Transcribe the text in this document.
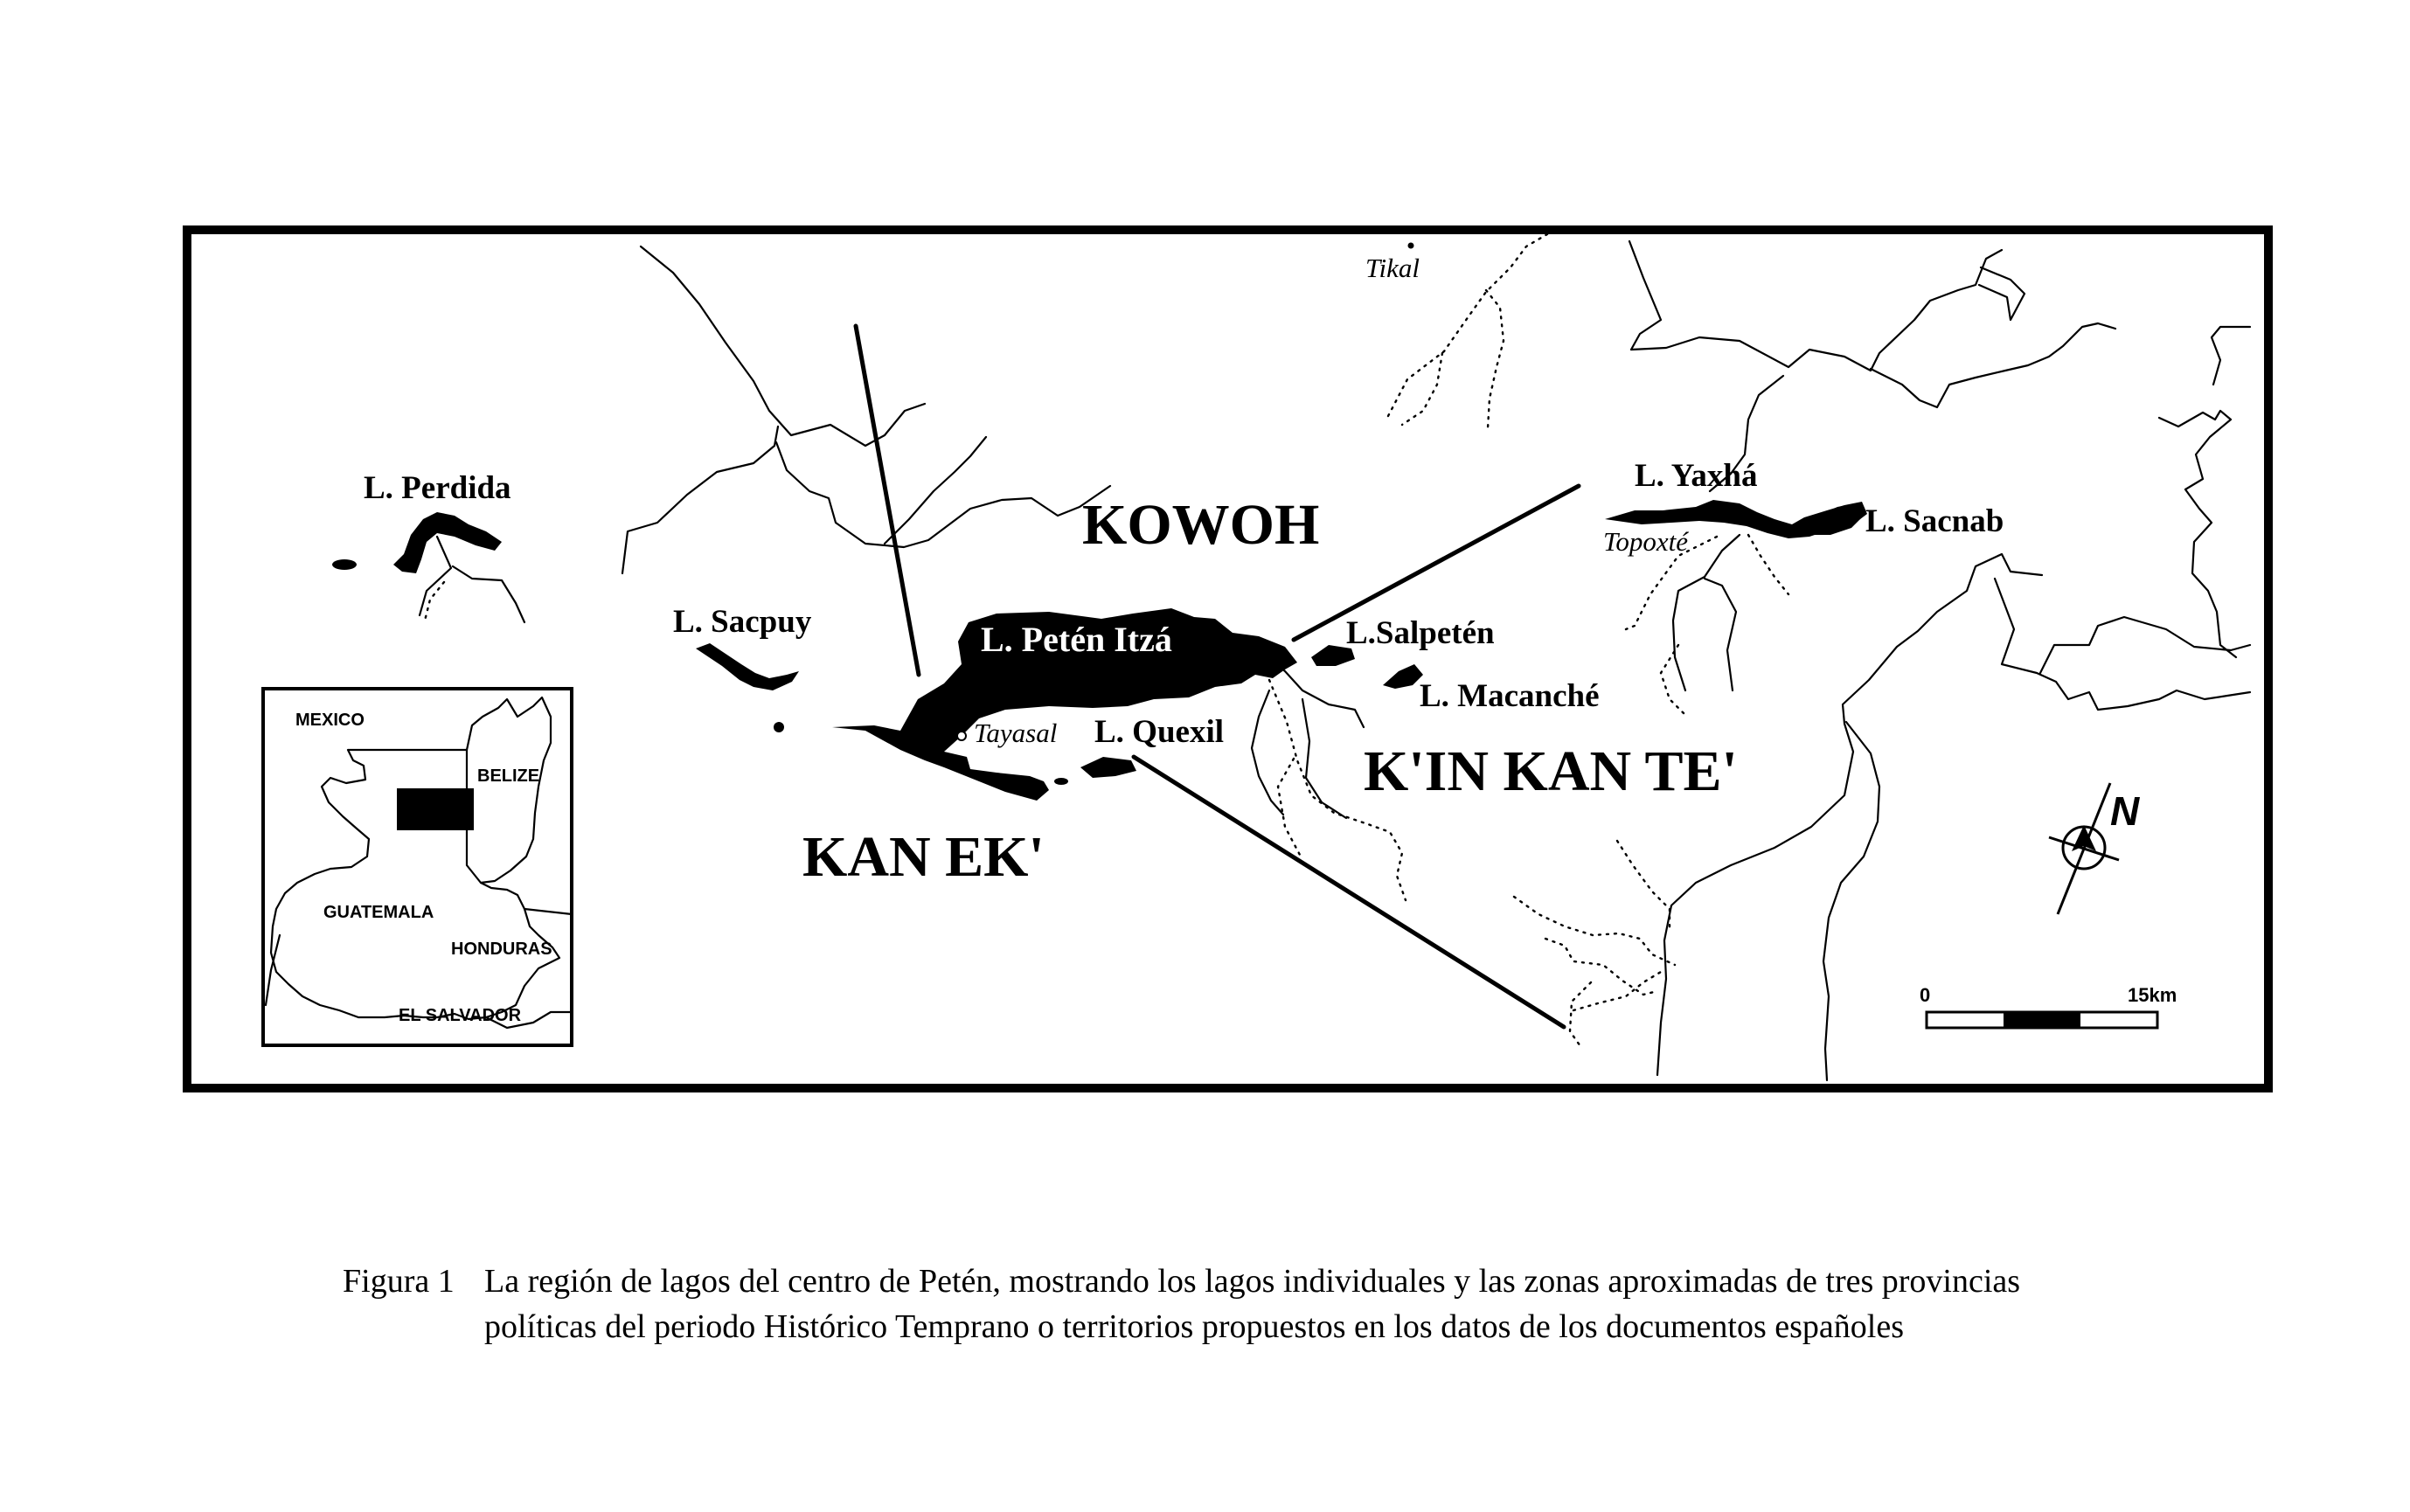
Tikal
L. Perdida
L. Sacpuy	L. Petén Itzá
Tayasal L. Quexil
L.Salpetén
L. Macanché
L. Yaxhá
Topoxté
L. Sacnab
KOWOH
K'IN KAN TE'
KAN EK'
MEXICO
BELIZE
GUATEMALA
HONDURAS
EL SALVADOR
N
0	15km
Figura 1 La región de lagos del centro de Petén, mostrando los lagos individuales y las zonas aproximadas de tres provincias políticas del periodo Histórico Temprano o territorios propuestos en los datos de los documentos españoles
